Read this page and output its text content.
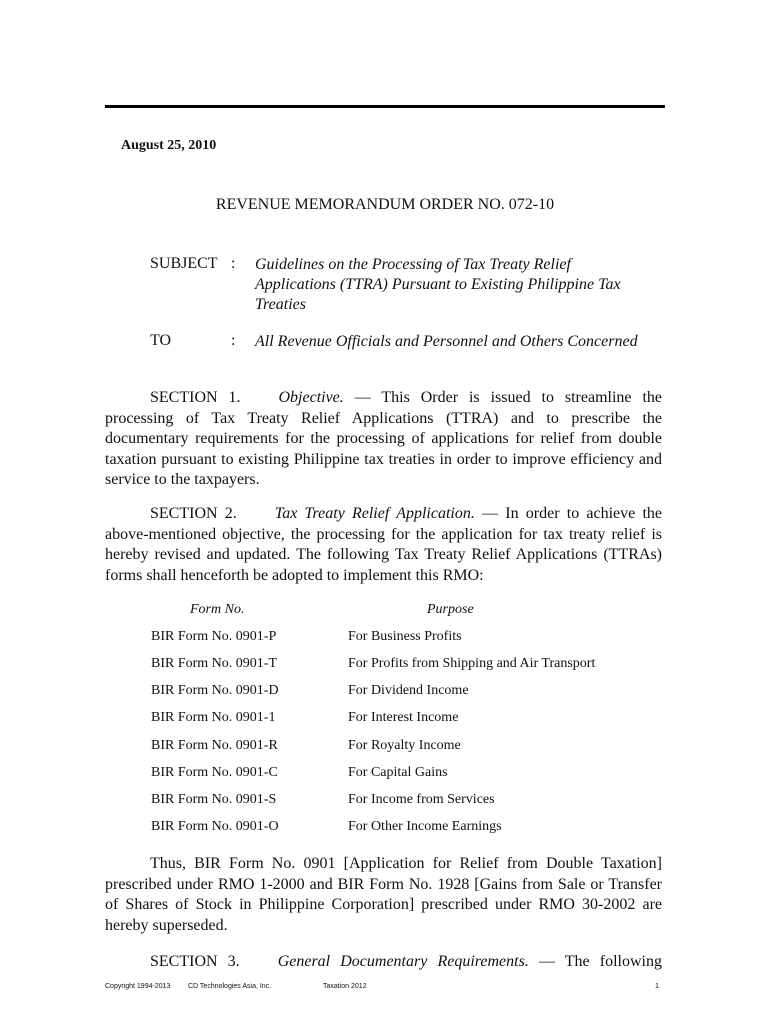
August 25, 2010
REVENUE MEMORANDUM ORDER NO. 072-10
SUBJECT : Guidelines on the Processing of Tax Treaty Relief Applications (TTRA) Pursuant to Existing Philippine Tax Treaties
TO	: All Revenue Officials and Personnel and Others Concerned

SECTION 1. Objective. — This Order is issued to streamline the processing of Tax Treaty Relief Applications (TTRA) and to prescribe the documentary requirements for the processing of applications for relief from double taxation pursuant to existing Philippine tax treaties in order to improve efficiency and service to the taxpayers.

SECTION 2. Tax Treaty Relief Application. — In order to achieve the above-mentioned objective, the processing for the application for tax treaty relief is hereby revised and updated. The following Tax Treaty Relief Applications (TTRAs) forms shall henceforth be adopted to implement this RMO:

Form No.	Purpose
BIR Form No. 0901-P	For Business Profits
BIR Form No. 0901-T	For Profits from Shipping and Air Transport
BIR Form No. 0901-D	For Dividend Income
BIR Form No. 0901-1	For Interest Income
BIR Form No. 0901-R	For Royalty Income
BIR Form No. 0901-C	For Capital Gains
BIR Form No. 0901-S	For Income from Services
BIR Form No. 0901-O	For Other Income Earnings

Thus, BIR Form No. 0901 [Application for Relief from Double Taxation] prescribed under RMO 1-2000 and BIR Form No. 1928 [Gains from Sale or Transfer of Shares of Stock in Philippine Corporation] prescribed under RMO 30-2002 are hereby superseded.

SECTION 3. General Documentary Requirements. — The following

Copyright 1994-2013	CD Technologies Asia, Inc.	Taxation 2012	1
